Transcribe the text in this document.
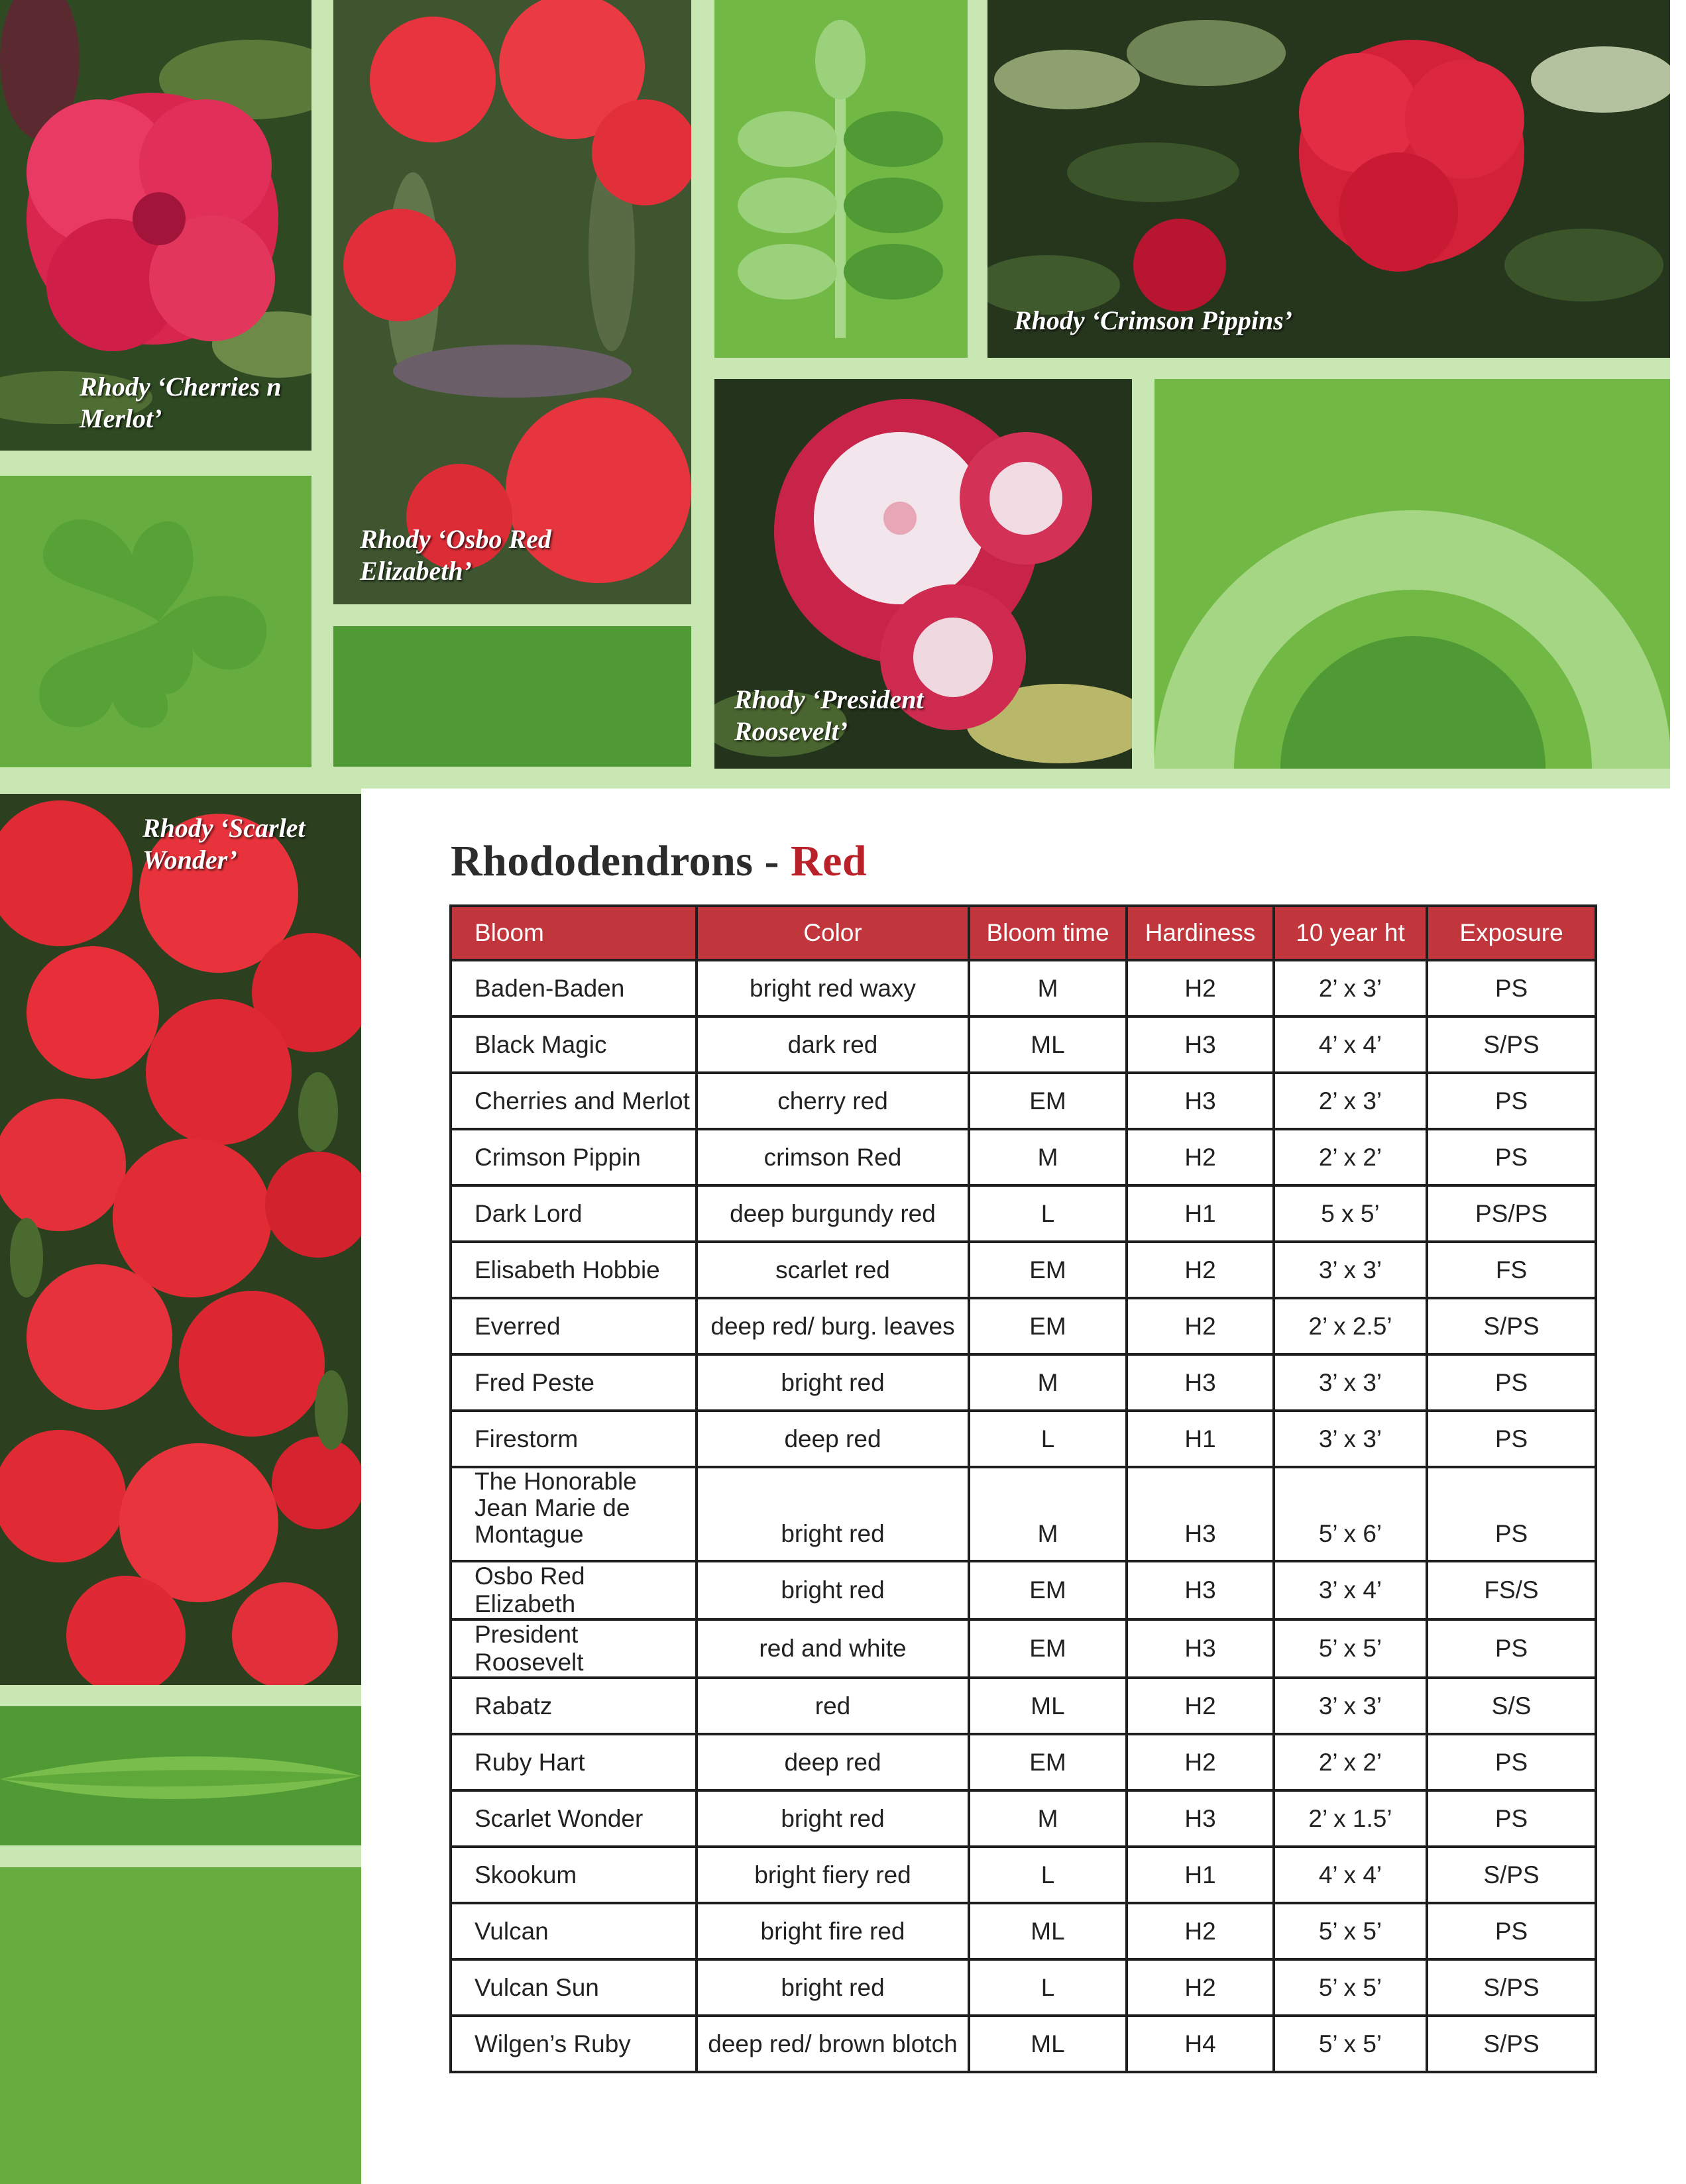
Rhody ‘Cherries n Merlot’
Rhody ‘Osbo Red Elizabeth’
Rhody ‘Crimson Pippins’
Rhody ‘President Roosevelt’
Rhody ‘Scarlet Wonder’	Rhododendrons - Red
Bloom	Color	Bloom time	Hardiness	10 year ht	Exposure
Baden-Baden	bright red waxy	M	H2	2’ x 3’	PS
Black Magic	dark red	ML	H3	4’ x 4’	S/PS
Cherries and Merlot	cherry red	EM	H3	2’ x 3’	PS
Crimson Pippin	crimson Red	M	H2	2’ x 2’	PS
Dark Lord	deep burgundy red	L	H1	5 x 5’	PS/PS
Elisabeth Hobbie	scarlet red	EM	H2	3’ x 3’	FS
Everred	deep red/ burg. leaves	EM	H2	2’ x 2.5’	S/PS
Fred Peste	bright red	M	H3	3’ x 3’	PS
Firestorm	deep red	L	H1	3’ x 3’	PS
The Honorable Jean Marie de Montague	bright red	M	H3	5’ x 6’	PS
Osbo Red Elizabeth	bright red	EM	H3	3’ x 4’	FS/S
President Roosevelt	red and white	EM	H3	5’ x 5’	PS
Rabatz	red	ML	H2	3’ x 3’	S/S
Ruby Hart	deep red	EM	H2	2’ x 2’	PS
Scarlet Wonder	bright red	M	H3	2’ x 1.5’	PS
Skookum	bright fiery red	L	H1	4’ x 4’	S/PS
Vulcan	bright fire red	ML	H2	5’ x 5’	PS
Vulcan Sun	bright red	L	H2	5’ x 5’	S/PS
Wilgen’s Ruby	deep red/ brown blotch	ML	H4	5’ x 5’	S/PS
